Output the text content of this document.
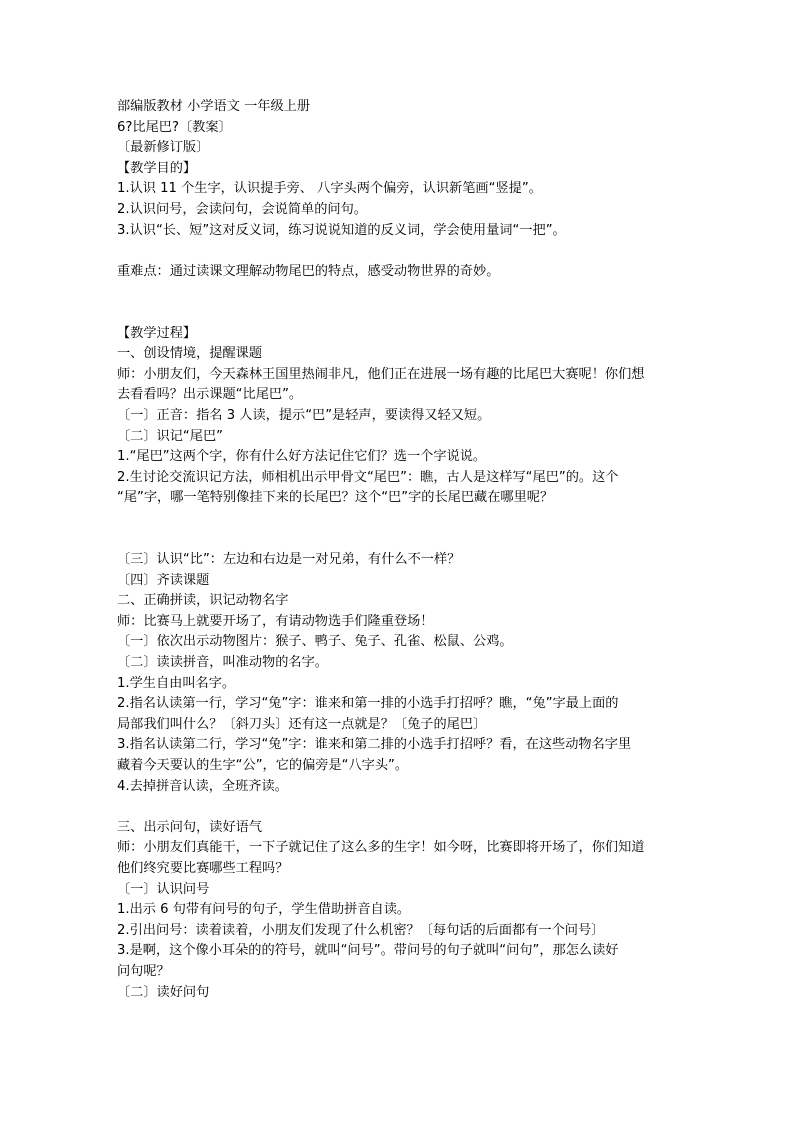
部编版教材 小学语文 一年级上册
6?比尾巴?〔教案〕
〔最新修订版〕
【教学目的】
1.认识 11 个生字，认识提手旁、 八字头两个偏旁，认识新笔画“竖提”。
2.认识问号，会读问句，会说简单的问句。
3.认识“长、短”这对反义词，练习说说知道的反义词，学会使用量词“一把”。
重难点：通过读课文理解动物尾巴的特点，感受动物世界的奇妙。
【教学过程】
一、创设情境，提醒课题
师：小朋友们，今天森林王国里热闹非凡，他们正在进展一场有趣的比尾巴大赛呢！你们想
去看看吗？出示课题“比尾巴”。
〔一〕正音：指名 3 人读，提示“巴”是轻声，要读得又轻又短。
〔二〕识记“尾巴”
1.“尾巴”这两个字，你有什么好方法记住它们？选一个字说说。
2.生讨论交流识记方法，师相机出示甲骨文“尾巴”：瞧，古人是这样写“尾巴”的。这个
“尾”字，哪一笔特别像挂下来的长尾巴？这个“巴”字的长尾巴藏在哪里呢？
〔三〕认识“比”：左边和右边是一对兄弟，有什么不一样？
〔四〕齐读课题
二、正确拼读，识记动物名字
师：比赛马上就要开场了，有请动物选手们隆重登场！
〔一〕依次出示动物图片：猴子、鸭子、兔子、孔雀、松鼠、公鸡。
〔二〕读读拼音，叫准动物的名字。
1.学生自由叫名字。
2.指名认读第一行，学习“兔”字：谁来和第一排的小选手打招呼？瞧，“兔”字最上面的
局部我们叫什么？〔斜刀头〕还有这一点就是？〔兔子的尾巴〕
3.指名认读第二行，学习“兔”字：谁来和第二排的小选手打招呼？看，在这些动物名字里
藏着今天要认的生字“公”，它的偏旁是“八字头”。
4.去掉拼音认读，全班齐读。
三、出示问句，读好语气
师：小朋友们真能干，一下子就记住了这么多的生字！如今呀，比赛即将开场了，你们知道
他们终究要比赛哪些工程吗？
〔一〕认识问号
1.出示 6 句带有问号的句子，学生借助拼音自读。
2.引出问号：读着读着，小朋友们发现了什么机密？〔每句话的后面都有一个问号〕
3.是啊，这个像小耳朵的的符号，就叫“问号”。带问号的句子就叫“问句”，那怎么读好
问句呢？
〔二〕读好问句
